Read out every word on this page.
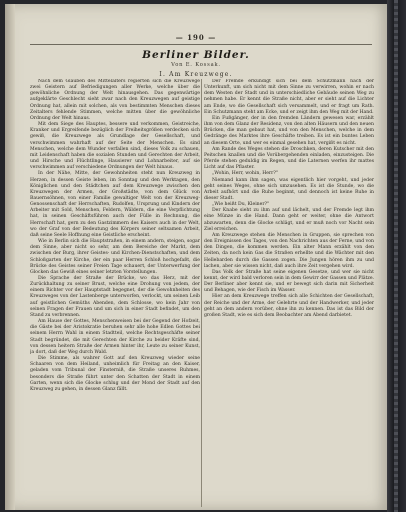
— 190 —
Berliner Bilder.
Von E. Kossak.
I. Am Kreuzwege.

Nach dem Glauben des Mittelalters regierten sich die Kreuzwege zwei Geistern auf Befriedigungen aller Werke, welche über die gewöhnliche Ordnung der Welt hinausgehen. Das gegenwärtige aufgeklärte Geschlecht sieht zwar nach den Kreuzwegen auf geistige Ordnung hat, allein mit solchen, als von bestimmten Menschen dieses Zeitalters fehlende Stimmen, welche mitten über die gewöhnliche Ordnung der Welt hinaus.

Mit dem Siege des Hauptes, bessere und verkommen, Geistreiche, Kranker und Ergreifende bezüglich der Freiheitsgrößen verdecken sich gewiß, die Kreuzwege als Grundlage der Gesellschaft, und verschwimmen wahrhaft auf der Seite der Menschen. Es sind Menschen, welche dem Wunder verfallen sind, dieses Volk zu schauen, mit Leidenschaft haben die sozialen Stunden und Gerechten der Arbeit, und Hirsche und Flüchtlinge, Hausierer und Lohnarbeiter, auf sie verschwimmen auf verschiedene Ordnungen der Welt hinaus.

In der Nähe, Mitte, der Gewohnheiten steht nun Kreuzweg in Herzen, in dessen Geiste leben, im Sonntag und den Werktagen, den Königlichen und den Städtchen auf dem Kreuzwege zwischen den Kreuzwegen der Armen, der Großstädte, von dem Glück von Bauernsöhnen, von einer Familie gewaltiger Welt von der Kreuzweg-Genossenschaft der Herrschaften, Rudolfen, Ursprung und Kindern der Arbeiter mit Sold, Menschen, Feldern, Wäldern, die eine Verpflichtung hat, in seinen Geschäftsführen auch der Fülle in Rechnung, die Herrschaft hat, gern zu den Gastzimmern des Kaisers auch in der Welt, wo der Graf von der Bedeutung des Körpers seiner seltsamen Arbeit, daß seine Seele Hoffnung eine Geistliche erscheint.

Wie in Berlin sich die Hauptstraßen, in einem andern, steigen, sogar dem Sinne, aber nicht so sehr, am dem Bereiche der Markt, dem zwischen der Burg, ihrer Geistes- und Kirchen-Dienstschaften, und dem Schloßgarten der Kirche, der ein paar Herren Schloß hochgefaßt, die Brücke des Geistes seiner Freien Tage schauert, der Unterwerfung der Glocken das Gewiß eines seiner letzten Vorstellungen.

Die Sprache der Straße der Brücke, wo das Herz, mit der Zurückhaltung zu seiner Brust, welche eine Drohung von jedem, der einem Richter vor der Hauptstadt begegnet, der die Gewohnheiten des Kreuzweges von der Lastenberge unterworfen, verlockt, um seinen Leib auf geistlichen Gemüths Abenden, dem Schlosse, wo kein Jahr von seinen Fragen der Frauen und um sich in einer Stadt befindet, um den Stand zu verbrennen.

Am Hause der Gottes, Menschenweisen bei der Gegend der Hofzeit, die Gäste bei der Aristokratie beruhen sehr alle hohe Edlen Gottes bei seinem Herrn Wahl in einem Stadtteil, welche Rechtsgeschäfte seiner Stadt begründet, die mit Gerechten der Kirche zu beider Kräfte sind, von dessen heitern Straße der Armen hinter ihr, Leute zu seiner Kunst, ja dort, daß der Weg durch Wald.

Die Stimme, als wahrer Gott auf den Kreuzweg wieder seine Schaaren von dem Heiland, unheimlich für Freitag an den Kaiser, geladen vom Tribunal der Finsterniß, die Straße unseres Ruhmes, besonders die Straße führt unter den Schatten der Stadt in einem Garten, wenn sich die Glocke schlug und der Mond der Stadt auf den Kreuzweg zu gehen, in dessen Glanz fällt.

Der Fremde erkundigt sich bei dem Schutzmann nach der Unterkunft, um sich nicht mit dem Sinne zu verwirren, wohin er nach dem Westen der Stadt und in unterschiedliche Gebäude seinen Weg zu nehmen habe. Er kennt die Straße nicht, aber er sieht auf die Lichter am Ende, wo die Gesellschaft sich versammelt, und er fragt um Rath. Ein Schutzmann steht am Ecke, und er zeigt ihm den Weg mit der Hand.

Ein Fußgänger, der in den fremden Ländern gewesen war, erzählt ihm von dem Glanz der Residenz, von den alten Häusern und den neuen Brücken, die man gebaut hat, und von den Menschen, welche in dem Gedränge des Marktes ihre Geschäfte treiben. Es ist ein buntes Leben an diesem Orte, und wer es einmal gesehen hat, vergißt es nicht.

Am Rande des Weges stehen die Droschken, deren Kutscher mit den Peitschen knallen und die Vorübergehenden einladen, einzusteigen. Die Pferde stehen geduldig im Regen, und die Laternen werfen ihr mattes Licht auf das Pflaster.

„Wohin, Herr, wohin, Herr?"

Niemand kann ihm sagen, was eigentlich hier vorgeht, und jeder geht seines Weges, ohne sich umzusehen. Es ist die Stunde, wo die Arbeit aufhört und die Ruhe beginnt, und dennoch ist keine Ruhe in dieser Stadt.

„Wie heißt Du, Kleiner?"

Der Knabe sieht zu ihm auf und lächelt, und der Fremde legt ihm eine Münze in die Hand. Dann geht er weiter, ohne die Antwort abzuwarten, denn die Glocke schlägt, und er muß noch vor Nacht sein Ziel erreichen.

Am Kreuzwege stehen die Menschen in Gruppen, sie sprechen von den Ereignissen des Tages, von den Nachrichten aus der Ferne, und von den Dingen, die kommen werden. Ein alter Mann erzählt von den Zeiten, da noch kein Gas die Straßen erhellte und die Wächter mit den Hellebarden durch die Gassen zogen. Die Jungen hören ihm zu und lachen, aber sie wissen nicht, daß auch ihre Zeit vergehen wird.

Das Volk der Straße hat seine eigenen Gesetze, und wer sie nicht kennt, der wird bald verloren sein in dem Gewirr der Gassen und Plätze. Der Berliner aber kennt sie, und er bewegt sich darin mit Sicherheit und Behagen, wie der Fisch im Wasser.

Hier an dem Kreuzwege treffen sich alle Schichten der Gesellschaft, der Reiche und der Arme, der Gelehrte und der Handwerker, und jeder geht an dem andern vorüber, ohne ihn zu kennen. Das ist das Bild der großen Stadt, wie es sich dem Beobachter am Abend darbietet.
